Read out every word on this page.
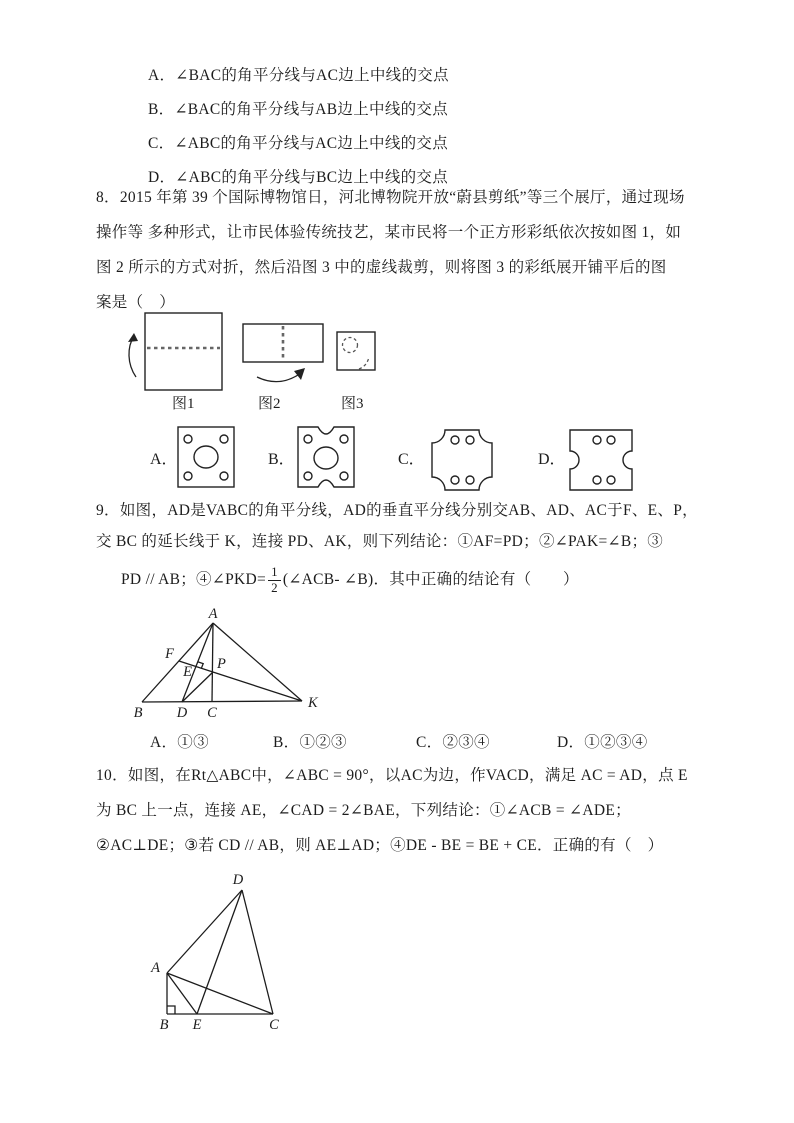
A．∠BAC的角平分线与AC边上中线的交点
B．∠BAC的角平分线与AB边上中线的交点
C．∠ABC的角平分线与AC边上中线的交点
D．∠ABC的角平分线与BC边上中线的交点
8．2015 年第 39 个国际博物馆日，河北博物院开放“蔚县剪纸”等三个展厅，通过现场
操作等 多种形式，让市民体验传统技艺，某市民将一个正方形彩纸依次按如图 1，如
图 2 所示的方式对折，然后沿图 3 中的虚线裁剪，则将图 3 的彩纸展开铺平后的图
案是（　）
图1	图2	图3
A．	B．	C．	D．
9．如图，AD是VABC的角平分线，AD的垂直平分线分别交AB、AD、AC于F、E、P，
交 BC 的延长线于 K，连接 PD、AK，则下列结论：①AF=PD；②∠PAK=∠B；③
PD // AB；④∠PKD= $\frac{1}{2}$ (∠ACB- ∠B)．其中正确的结论有（　　）
A
B D C
K
F
E P
A．①③	B．①②③	C．②③④	D．①②③④
10．如图，在Rt△ABC中，∠ABC = 90°，以AC为边，作VACD，满足 AC = AD，点 E
为 BC 上一点，连接 AE，∠CAD = 2∠BAE，下列结论：①∠ACB = ∠ADE；
②AC⊥DE；③若 CD // AB，则 AE⊥AD；④DE - BE = BE + CE．正确的有（　）
D
A
B E	C
